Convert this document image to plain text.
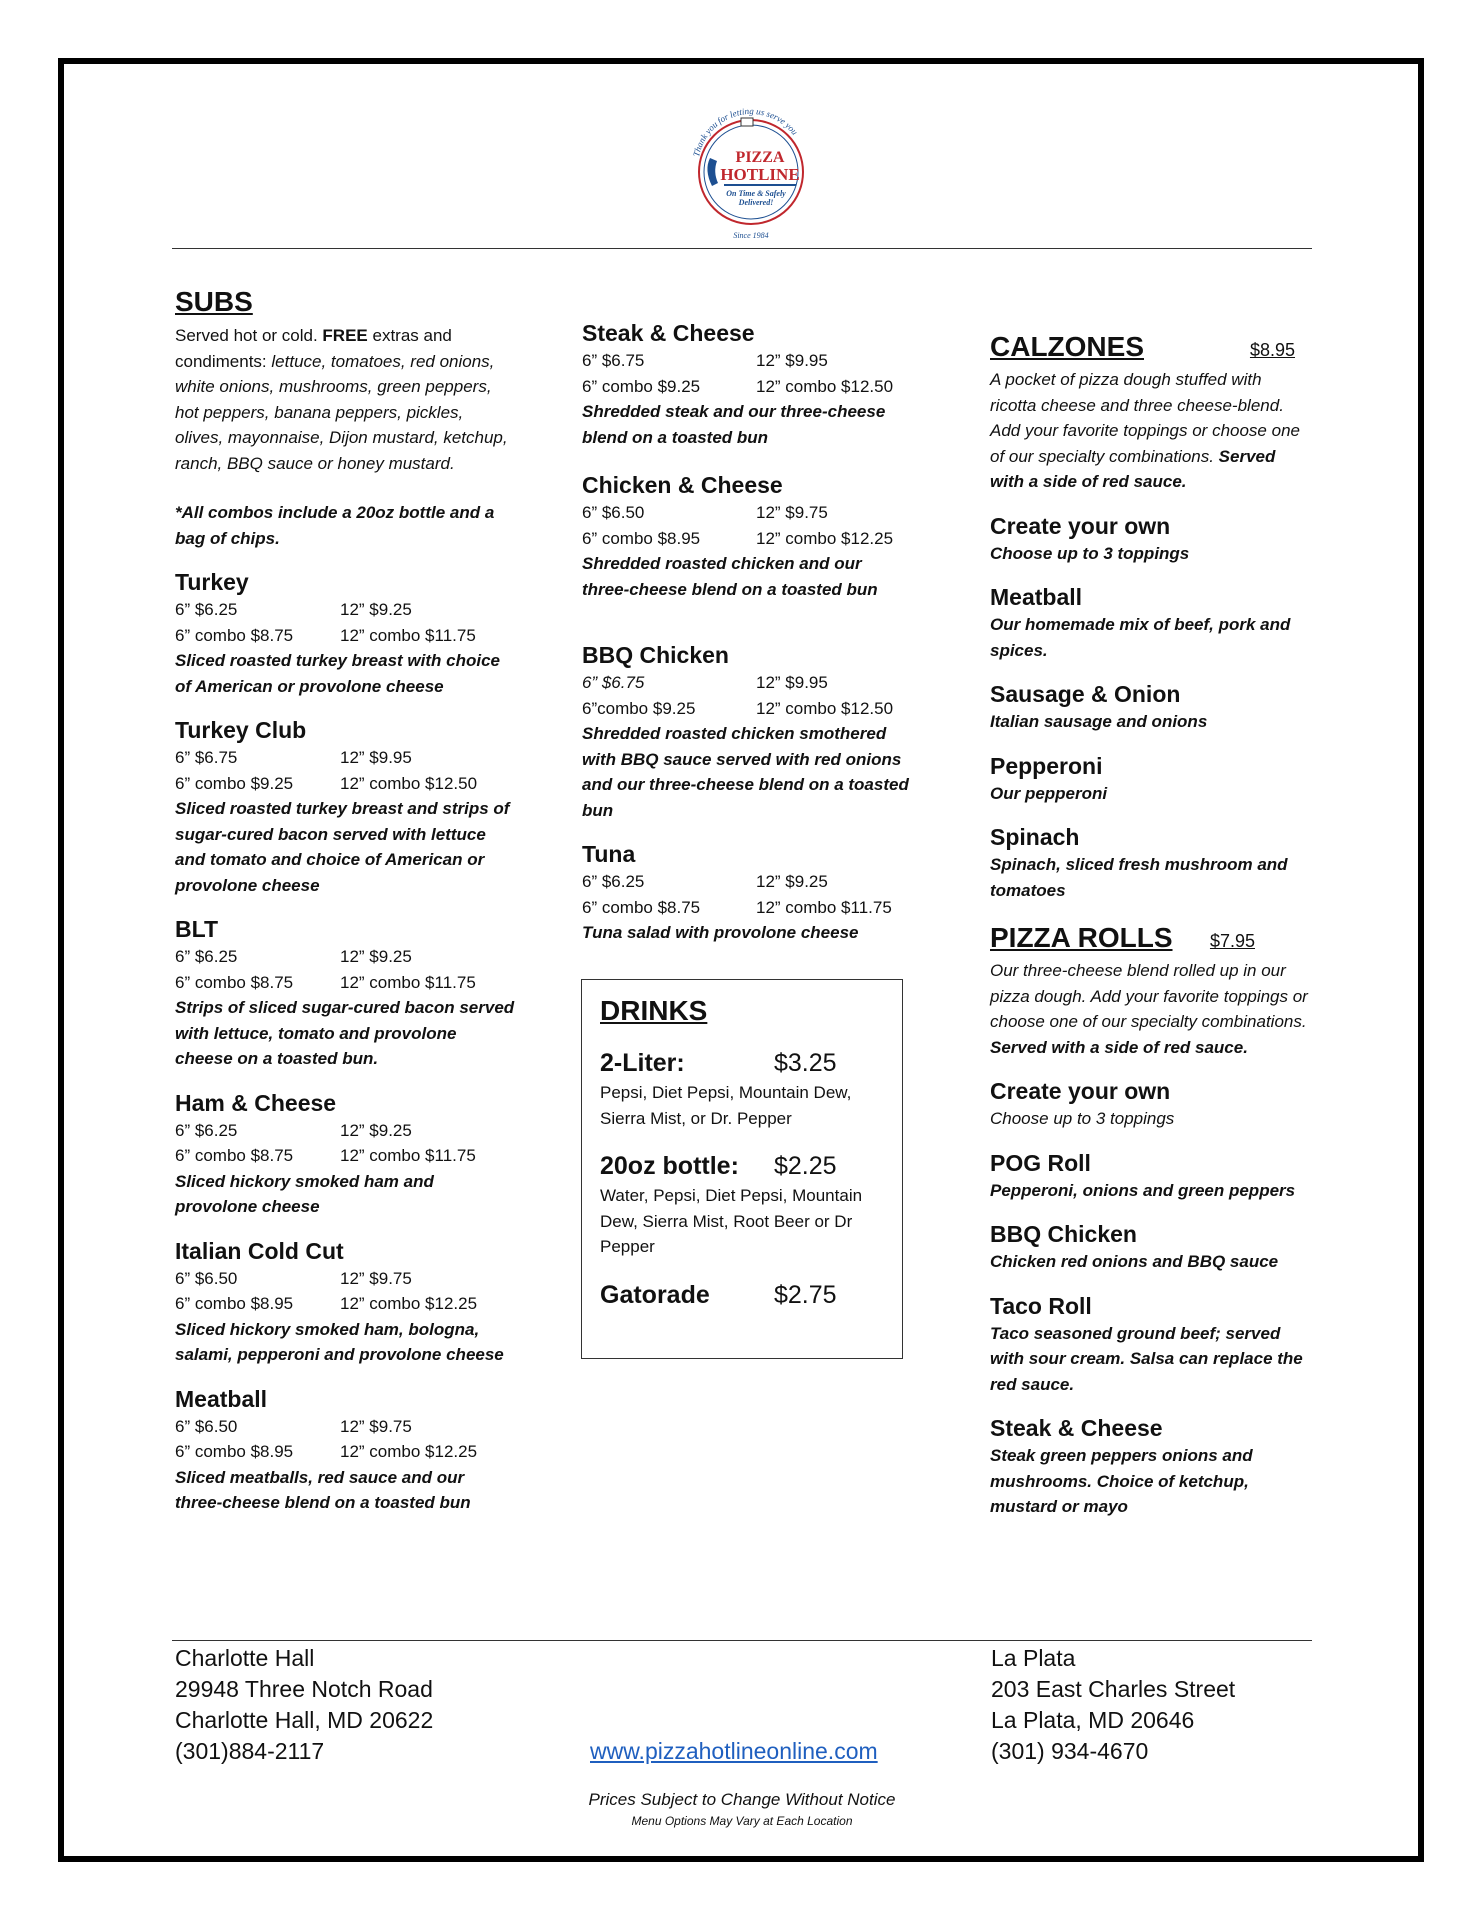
Thank you for letting us serve you
PIZZA
HOTLINE
On Time & Safely
Delivered!
Since 1984
SUBS
Served hot or cold. FREE extras and condiments: lettuce, tomatoes, red onions, white onions, mushrooms, green peppers, hot peppers, banana peppers, pickles, olives, mayonnaise, Dijon mustard, ketchup, ranch, BBQ sauce or honey mustard.
*All combos include a 20oz bottle and a bag of chips.
Turkey
6” $6.25	12” $9.25
6” combo $8.75	12” combo $11.75
Sliced roasted turkey breast with choice of American or provolone cheese
Turkey Club
6” $6.75	12” $9.95
6” combo $9.25	12” combo $12.50
Sliced roasted turkey breast and strips of sugar-cured bacon served with lettuce and tomato and choice of American or provolone cheese
BLT
6” $6.25	12” $9.25
6” combo $8.75	12” combo $11.75
Strips of sliced sugar-cured bacon served with lettuce, tomato and provolone cheese on a toasted bun.
Ham & Cheese
6” $6.25	12” $9.25
6” combo $8.75	12” combo $11.75
Sliced hickory smoked ham and provolone cheese
Italian Cold Cut
6” $6.50	12” $9.75
6” combo $8.95	12” combo $12.25
Sliced hickory smoked ham, bologna, salami, pepperoni and provolone cheese
Meatball
6” $6.50	12” $9.75
6” combo $8.95	12” combo $12.25
Sliced meatballs, red sauce and our three-cheese blend on a toasted bun
Steak & Cheese
6” $6.75	12” $9.95
6” combo $9.25	12” combo $12.50
Shredded steak and our three-cheese blend on a toasted bun
Chicken & Cheese
6” $6.50	12” $9.75
6” combo $8.95	12” combo $12.25
Shredded roasted chicken and our three-cheese blend on a toasted bun
BBQ Chicken
6” $6.75	12” $9.95
6”combo $9.25	12” combo $12.50
Shredded roasted chicken smothered with BBQ sauce served with red onions and our three-cheese blend on a toasted bun
Tuna
6” $6.25	12” $9.25
6” combo $8.75	12” combo $11.75
Tuna salad with provolone cheese
DRINKS
2-Liter:	$3.25
Pepsi, Diet Pepsi, Mountain Dew, Sierra Mist, or Dr. Pepper
20oz bottle:	$2.25
Water, Pepsi, Diet Pepsi, Mountain Dew, Sierra Mist, Root Beer or Dr Pepper
Gatorade	$2.75
CALZONES	$8.95
A pocket of pizza dough stuffed with ricotta cheese and three cheese-blend. Add your favorite toppings or choose one of our specialty combinations. Served with a side of red sauce.
Create your own
Choose up to 3 toppings
Meatball
Our homemade mix of beef, pork and spices.
Sausage & Onion
Italian sausage and onions
Pepperoni
Our pepperoni
Spinach
Spinach, sliced fresh mushroom and tomatoes
PIZZA ROLLS $7.95
Our three-cheese blend rolled up in our pizza dough. Add your favorite toppings or choose one of our specialty combinations. Served with a side of red sauce.
Create your own
Choose up to 3 toppings
POG Roll
Pepperoni, onions and green peppers
BBQ Chicken
Chicken red onions and BBQ sauce
Taco Roll
Taco seasoned ground beef; served with sour cream. Salsa can replace the red sauce.
Steak & Cheese
Steak green peppers onions and mushrooms. Choice of ketchup, mustard or mayo
Charlotte Hall
29948 Three Notch Road
Charlotte Hall, MD 20622
(301)884-2117	www.pizzahotlineonline.com
La Plata
203 East Charles Street
La Plata, MD 20646
(301) 934-4670
Prices Subject to Change Without Notice
Menu Options May Vary at Each Location
